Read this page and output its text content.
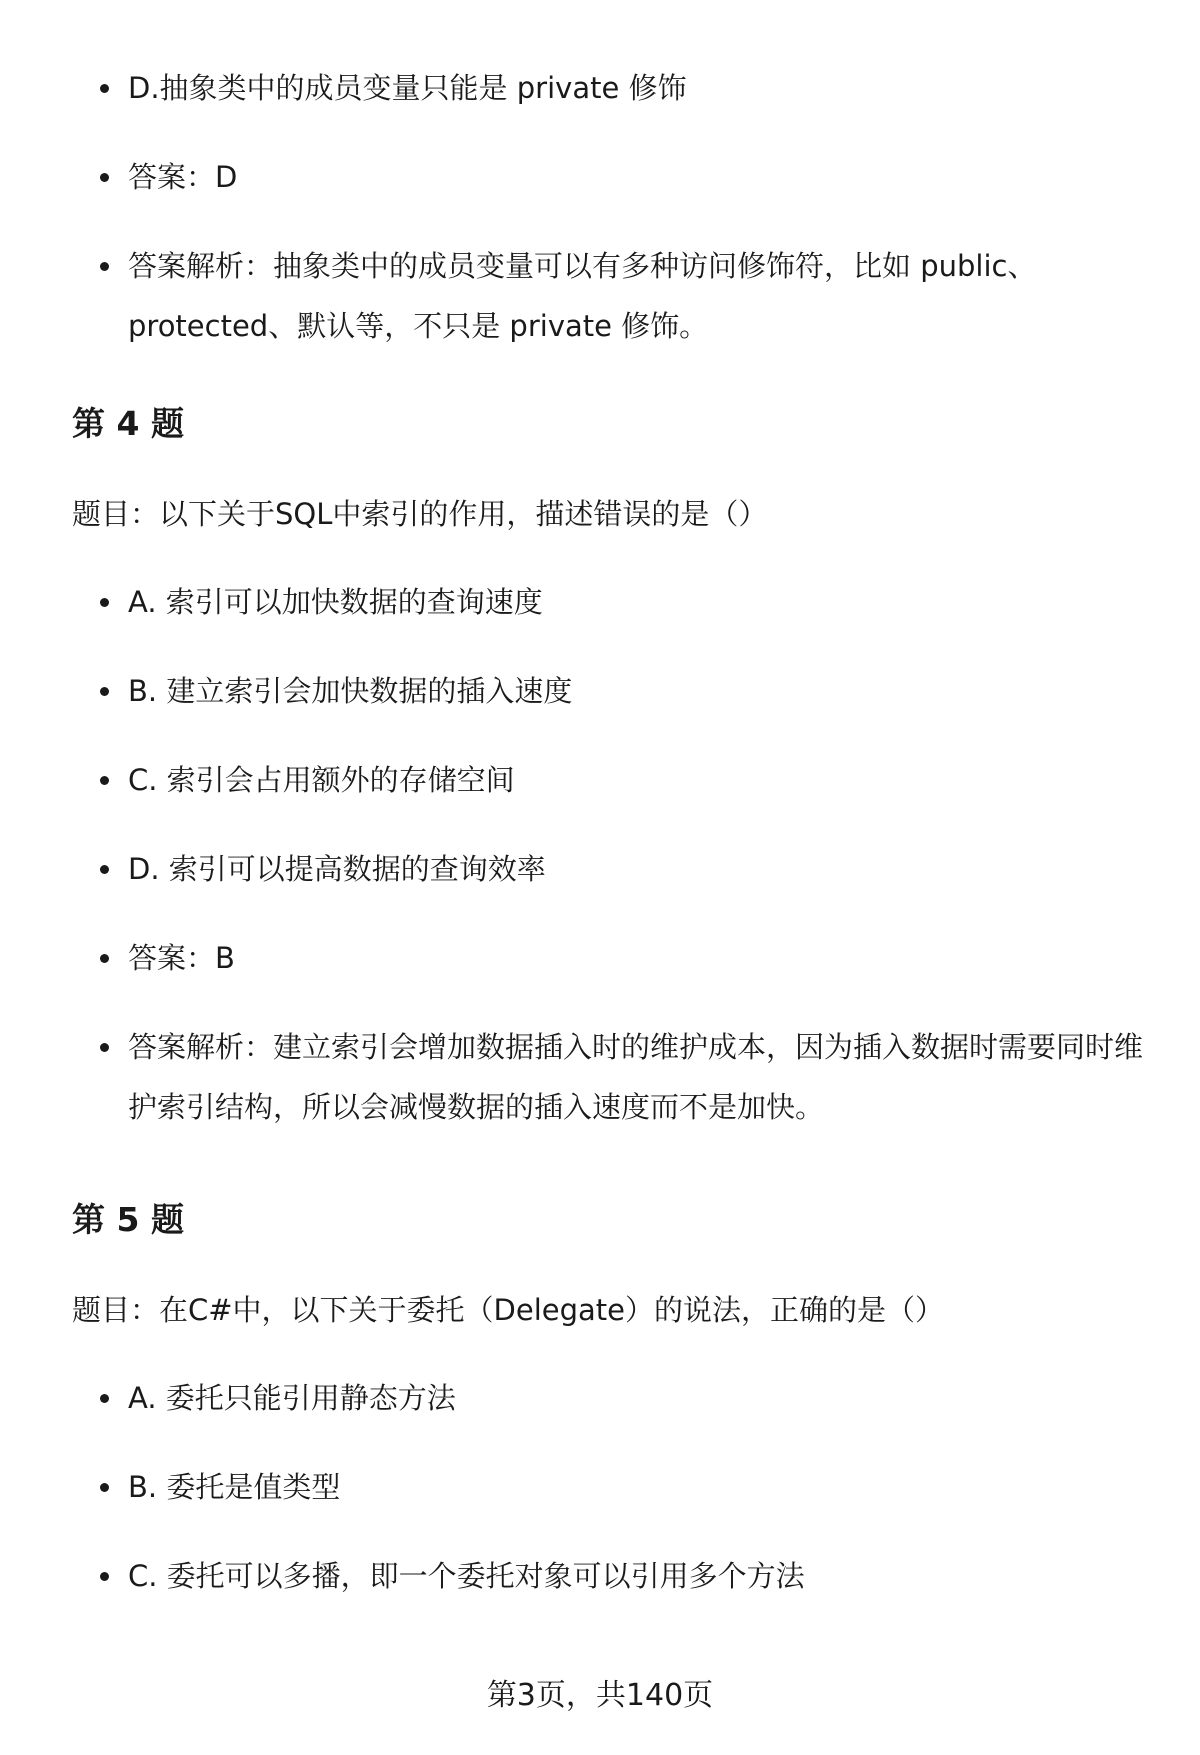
D.抽象类中的成员变量只能是 private 修饰
答案：D
答案解析：抽象类中的成员变量可以有多种访问修饰符，比如 public、protected、默认等，不只是 private 修饰。
第 4 题

题目：以下关于SQL中索引的作用，描述错误的是（）

A. 索引可以加快数据的查询速度
B. 建立索引会加快数据的插入速度
C. 索引会占用额外的存储空间
D. 索引可以提高数据的查询效率
答案：B
答案解析：建立索引会增加数据插入时的维护成本，因为插入数据时需要同时维护索引结构，所以会减慢数据的插入速度而不是加快。
第 5 题

题目：在C#中，以下关于委托（Delegate）的说法，正确的是（）

A. 委托只能引用静态方法
B. 委托是值类型
C. 委托可以多播，即一个委托对象可以引用多个方法
第3页，共140页
